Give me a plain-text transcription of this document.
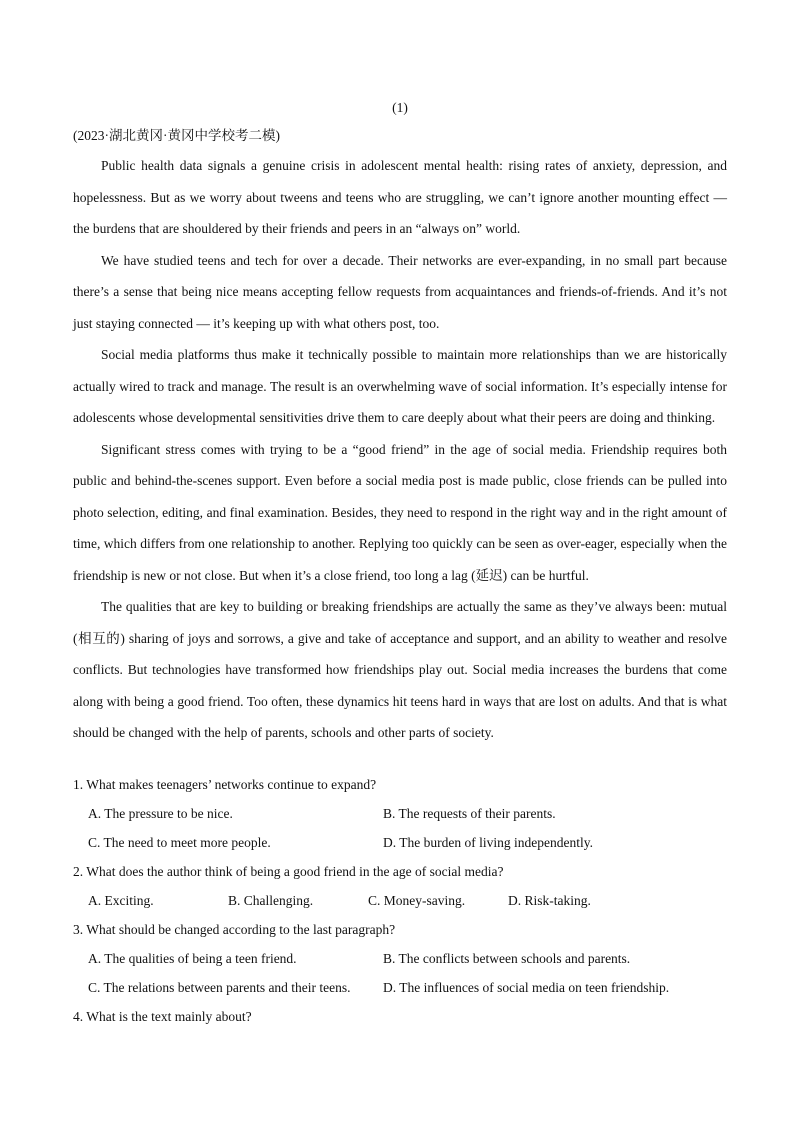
(1)
(2023·湖北黄冈·黄冈中学校考二模)

Public health data signals a genuine crisis in adolescent mental health: rising rates of anxiety, depression, and hopelessness. But as we worry about tweens and teens who are struggling, we can’t ignore another mounting effect — the burdens that are shouldered by their friends and peers in an “always on” world.

We have studied teens and tech for over a decade. Their networks are ever-expanding, in no small part because there’s a sense that being nice means accepting fellow requests from acquaintances and friends-of-friends. And it’s not just staying connected — it’s keeping up with what others post, too.

Social media platforms thus make it technically possible to maintain more relationships than we are historically actually wired to track and manage. The result is an overwhelming wave of social information. It’s especially intense for adolescents whose developmental sensitivities drive them to care deeply about what their peers are doing and thinking.

Significant stress comes with trying to be a “good friend” in the age of social media. Friendship requires both public and behind-the-scenes support. Even before a social media post is made public, close friends can be pulled into photo selection, editing, and final examination. Besides, they need to respond in the right way and in the right amount of time, which differs from one relationship to another. Replying too quickly can be seen as over-eager, especially when the friendship is new or not close. But when it’s a close friend, too long a lag (延迟) can be hurtful.

The qualities that are key to building or breaking friendships are actually the same as they’ve always been: mutual (相互的) sharing of joys and sorrows, a give and take of acceptance and support, and an ability to weather and resolve conflicts. But technologies have transformed how friendships play out. Social media increases the burdens that come along with being a good friend. Too often, these dynamics hit teens hard in ways that are lost on adults. And that is what should be changed with the help of parents, schools and other parts of society.

1. What makes teenagers’ networks continue to expand?

A. The pressure to be nice.	B. The requests of their parents.
C. The need to meet more people.	D. The burden of living independently.

2. What does the author think of being a good friend in the age of social media?

A. Exciting.	B. Challenging.	C. Money-saving.	D. Risk-taking.

3. What should be changed according to the last paragraph?

A. The qualities of being a teen friend.	B. The conflicts between schools and parents.
C. The relations between parents and their teens.	D. The influences of social media on teen friendship.

4. What is the text mainly about?
